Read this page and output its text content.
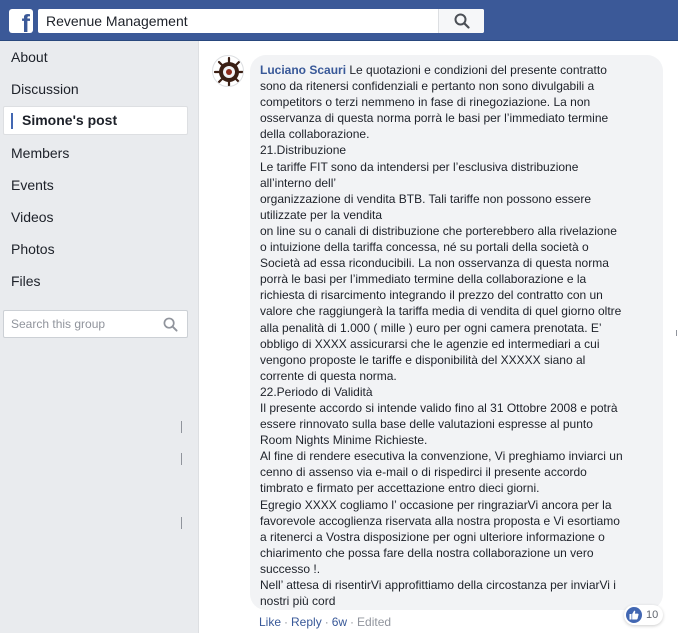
f
Revenue Management
About
Discussion
Simone's post
Members
Events
Videos
Photos
Files
Search this group
Luciano Scauri Le quotazioni e condizioni del presente contratto
sono da ritenersi confidenziali e pertanto non sono divulgabili a
competitors o terzi nemmeno in fase di rinegoziazione. La non
osservanza di questa norma porrà le basi per l’immediato termine
della collaborazione.
21.Distribuzione
Le tariffe FIT sono da intendersi per l’esclusiva distribuzione
all’interno dell’
organizzazione di vendita BTB. Tali tariffe non possono essere
utilizzate per la vendita
on line su o canali di distribuzione che porterebbero alla rivelazione
o intuizione della tariffa concessa, né su portali della società o
Società ad essa riconducibili. La non osservanza di questa norma
porrà le basi per l’immediato termine della collaborazione e la
richiesta di risarcimento integrando il prezzo del contratto con un
valore che raggiungerà la tariffa media di vendita di quel giorno oltre
alla penalità di 1.000 ( mille ) euro per ogni camera prenotata. E’
obbligo di XXXX assicurarsi che le agenzie ed intermediari a cui
vengono proposte le tariffe e disponibilità del XXXXX siano al
corrente di questa norma.
22.Periodo di Validità
Il presente accordo si intende valido fino al 31 Ottobre 2008 e potrà
essere rinnovato sulla base delle valutazioni espresse al punto
Room Nights Minime Richieste.
Al fine di rendere esecutiva la convenzione, Vi preghiamo inviarci un
cenno di assenso via e-mail o di rispedirci il presente accordo
timbrato e firmato per accettazione entro dieci giorni.
Egregio XXXX cogliamo l’ occasione per ringraziarVi ancora per la
favorevole accoglienza riservata alla nostra proposta e Vi esortiamo
a ritenerci a Vostra disposizione per ogni ulteriore informazione o
chiarimento che possa fare della nostra collaborazione un vero
successo !.
Nell’ attesa di risentirVi approfittiamo della circostanza per inviarVi i
nostri più cord
10
Like · Reply · 6w · Edited
